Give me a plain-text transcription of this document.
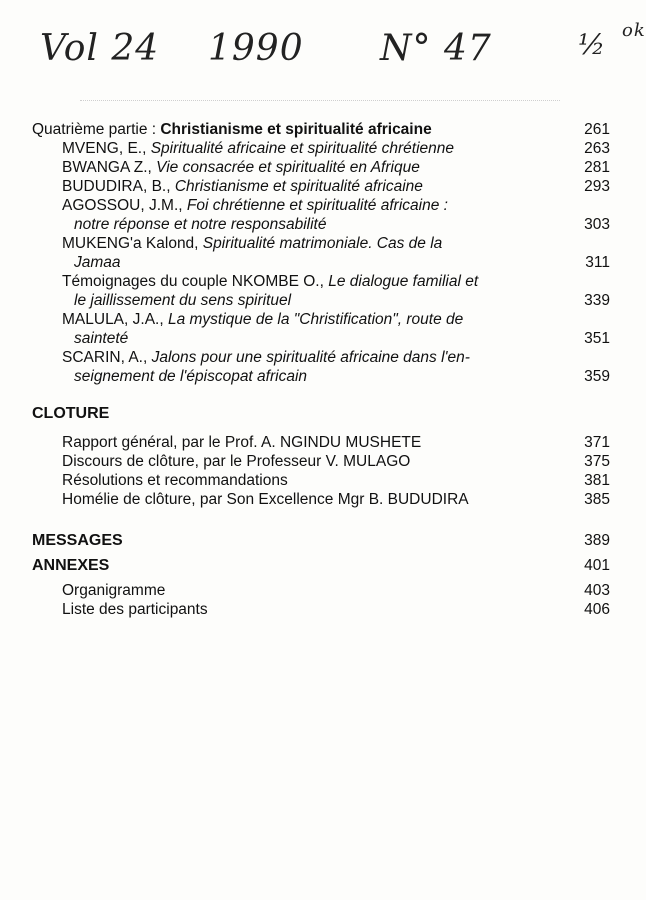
Vol 24 1990 N° 47	½ ok
Quatrième partie : Christianisme et spiritualité africaine	261
MVENG, E., Spiritualité africaine et spiritualité chrétienne	263
BWANGA Z., Vie consacrée et spiritualité en Afrique	281
BUDUDIRA, B., Christianisme et spiritualité africaine	293
AGOSSOU, J.M., Foi chrétienne et spiritualité africaine :
notre réponse et notre responsabilité	303
MUKENG'a Kalond, Spiritualité matrimoniale. Cas de la
Jamaa	311
Témoignages du couple NKOMBE O., Le dialogue familial et
le jaillissement du sens spirituel	339
MALULA, J.A., La mystique de la "Christification", route de
sainteté	351
SCARIN, A., Jalons pour une spiritualité africaine dans l'en-
seignement de l'épiscopat africain	359
CLOTURE
Rapport général, par le Prof. A. NGINDU MUSHETE	371
Discours de clôture, par le Professeur V. MULAGO	375
Résolutions et recommandations	381
Homélie de clôture, par Son Excellence Mgr B. BUDUDIRA	385
MESSAGES	389
ANNEXES	401
Organigramme	403
Liste des participants	406
